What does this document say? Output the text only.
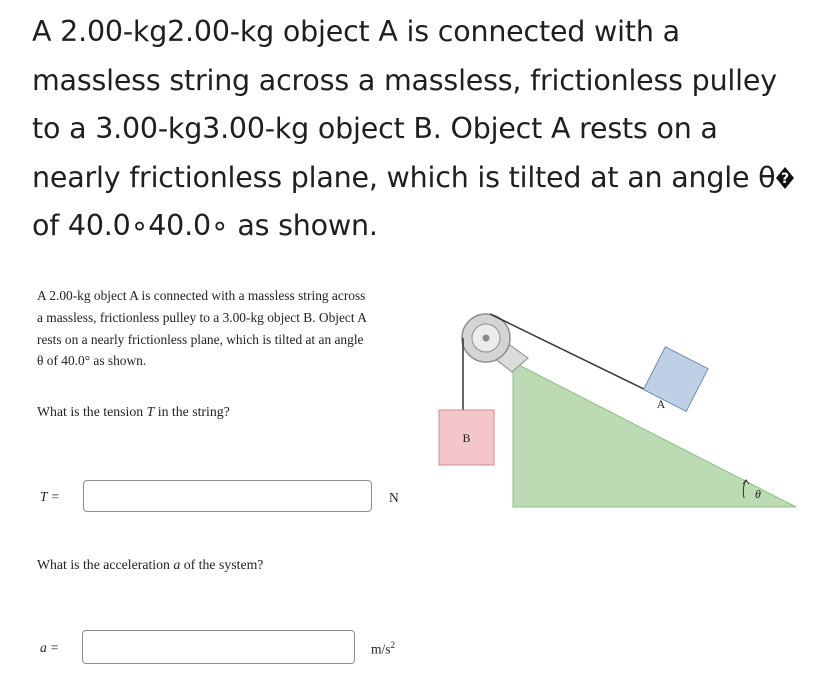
A 2.00-kg2.00-kg object A is connected with a
massless string across a massless, frictionless pulley
to a 3.00-kg3.00-kg object B. Object A rests on a
nearly frictionless plane, which is tilted at an angle θ ?
of 40.0∘40.0∘ as shown.
A 2.00-kg object A is connected with a massless string across
a massless, frictionless pulley to a 3.00-kg object B. Object A
rests on a nearly frictionless plane, which is tilted at an angle
θ of 40.0° as shown.
What is the tension T in the string?
T =	N
What is the acceleration a of the system?
a =	$m/s^2$
B
A
θ
